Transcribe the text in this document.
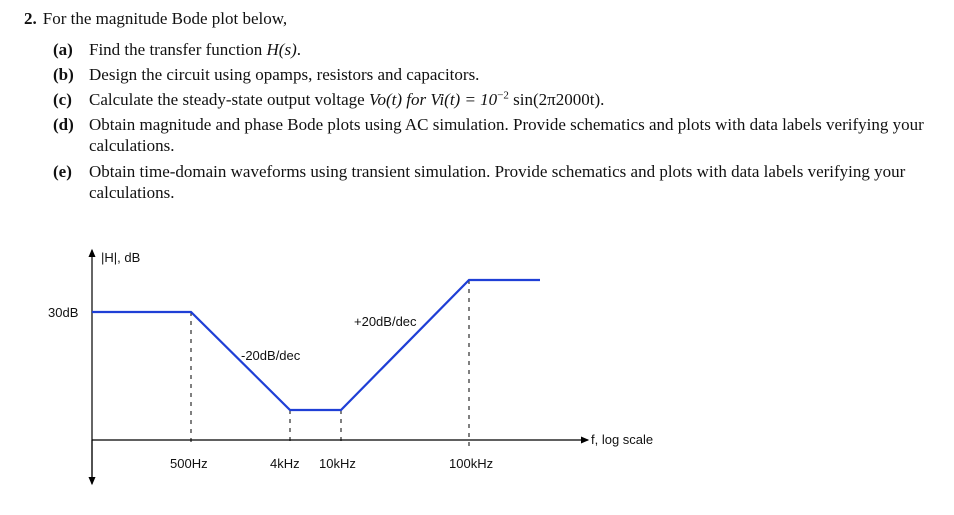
2. For the magnitude Bode plot below,
(a) Find the transfer function H(s).
(b) Design the circuit using opamps, resistors and capacitors.
(c)	Calculate the steady-state output voltage Vo(t) for $Vi(t) = 10^{-2}$ sin(2π2000t).
(d) Obtain magnitude and phase Bode plots using AC simulation. Provide schematics and plots with data labels verifying your calculations.
(e)	Obtain time-domain waveforms using transient simulation. Provide schematics and plots with data labels verifying your calculations.
|H|, dB
30dB
f, log scale
500Hz	4kHz 10kHz	100kHz
-20dB/dec
+20dB/dec
